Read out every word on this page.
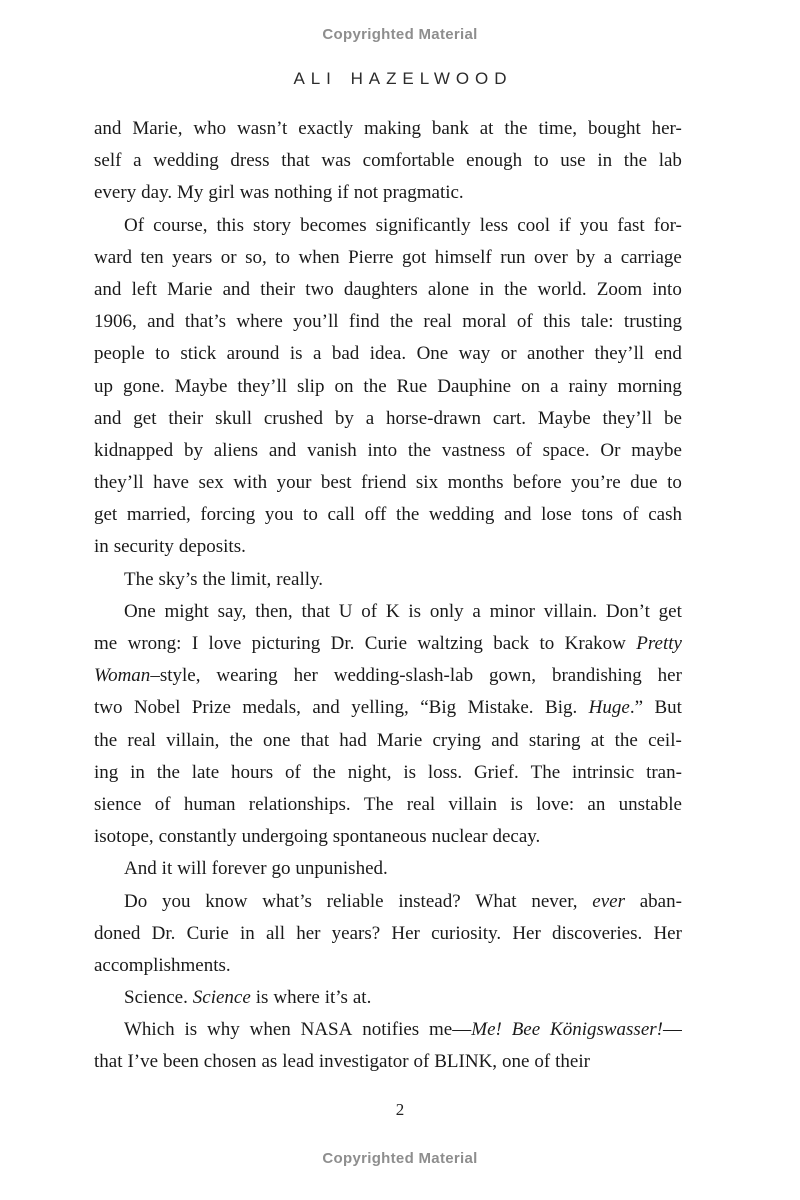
Copyrighted Material
ALI HAZELWOOD
and Marie, who wasn’t exactly making bank at the time, bought her-
self a wedding dress that was comfortable enough to use in the lab
every day. My girl was nothing if not pragmatic.
Of course, this story becomes significantly less cool if you fast for-
ward ten years or so, to when Pierre got himself run over by a carriage
and left Marie and their two daughters alone in the world. Zoom into
1906, and that’s where you’ll find the real moral of this tale: trusting
people to stick around is a bad idea. One way or another they’ll end
up gone. Maybe they’ll slip on the Rue Dauphine on a rainy morning
and get their skull crushed by a horse-drawn cart. Maybe they’ll be
kidnapped by aliens and vanish into the vastness of space. Or maybe
they’ll have sex with your best friend six months before you’re due to
get married, forcing you to call off the wedding and lose tons of cash
in security deposits.
The sky’s the limit, really.
One might say, then, that U of K is only a minor villain. Don’t get
me wrong: I love picturing Dr. Curie waltzing back to Krakow Pretty
Woman–style, wearing her wedding-slash-lab gown, brandishing her
two Nobel Prize medals, and yelling, “Big Mistake. Big. Huge.” But
the real villain, the one that had Marie crying and staring at the ceil-
ing in the late hours of the night, is loss. Grief. The intrinsic tran-
sience of human relationships. The real villain is love: an unstable
isotope, constantly undergoing spontaneous nuclear decay.
And it will forever go unpunished.
Do you know what’s reliable instead? What never, ever aban-
doned Dr. Curie in all her years? Her curiosity. Her discoveries. Her
accomplishments.
Science. Science is where it’s at.
Which is why when NASA notifies me—Me! Bee Königswasser!—
that I’ve been chosen as lead investigator of BLINK, one of their
2
Copyrighted Material
